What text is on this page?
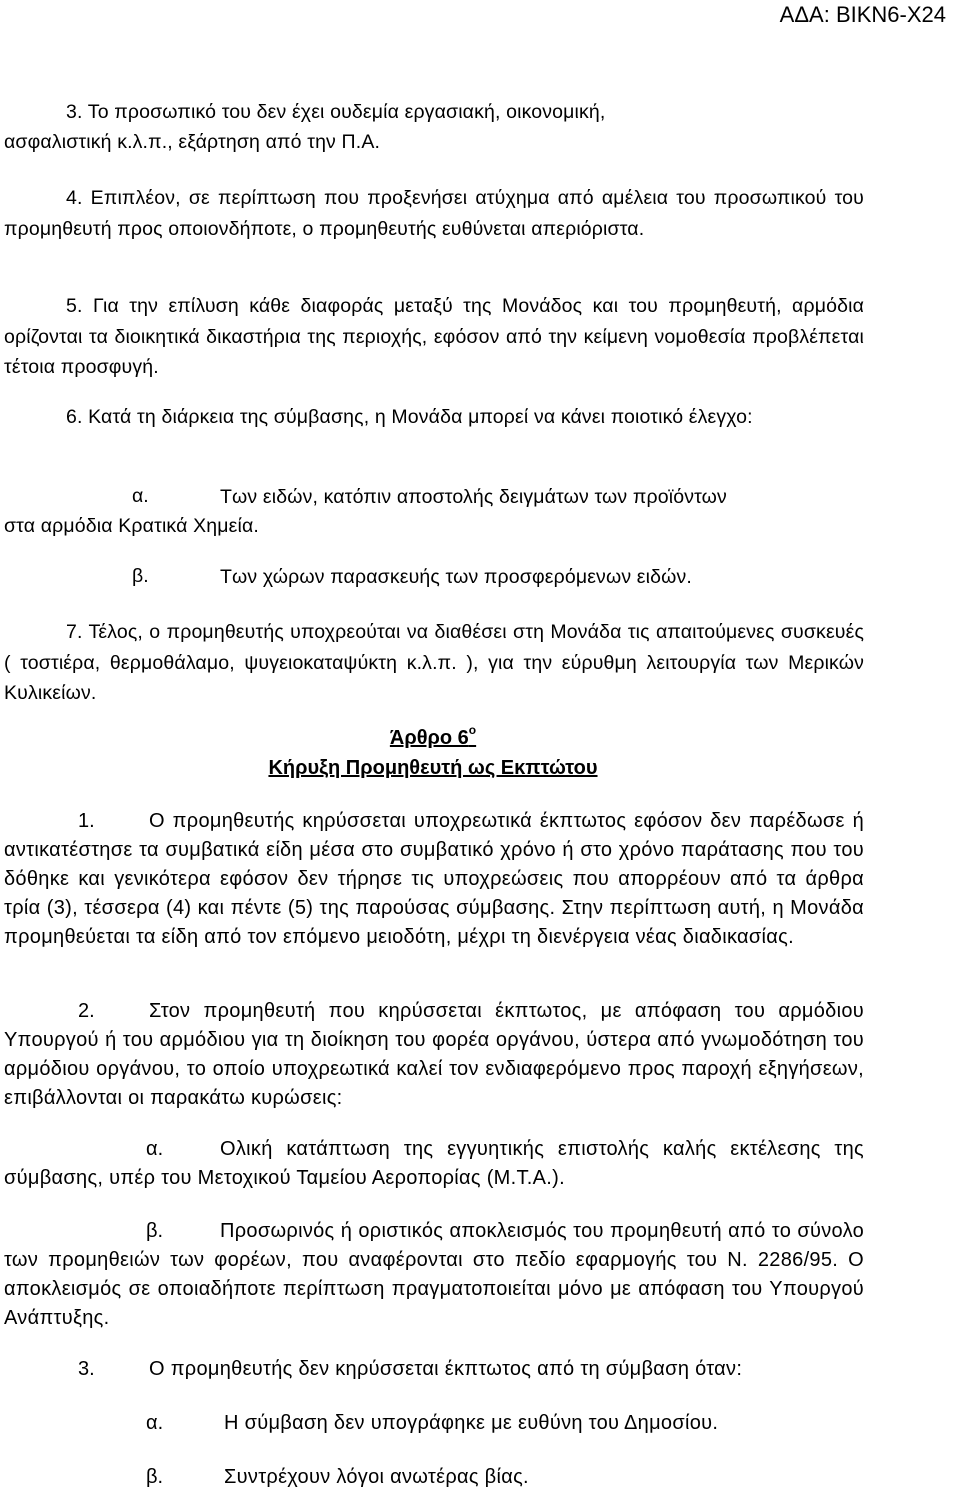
ΑΔΑ: ΒΙΚΝ6-Χ24
3. Το προσωπικό του δεν έχει ουδεμία εργασιακή, οικονομική,
ασφαλιστική κ.λ.π., εξάρτηση από την Π.Α.

4. Επιπλέον, σε περίπτωση που προξενήσει ατύχημα από αμέλεια του προσωπικού του προμηθευτή προς οποιονδήποτε, ο προμηθευτής ευθύνεται απεριόριστα.

5. Για την επίλυση κάθε διαφοράς μεταξύ της Μονάδος και του προμηθευτή, αρμόδια ορίζονται τα διοικητικά δικαστήρια της περιοχής, εφόσον από την κείμενη νομοθεσία προβλέπεται τέτοια προσφυγή.

6. Κατά τη διάρκεια της σύμβασης, η Μονάδα μπορεί να κάνει ποιοτικό έλεγχο:

α.	Των ειδών, κατόπιν αποστολής δειγμάτων των προϊόντων
στα αρμόδια Κρατικά Χημεία.
β.	Των χώρων παρασκευής των προσφερόμενων ειδών.

7. Τέλος, ο προμηθευτής υποχρεούται να διαθέσει στη Μονάδα τις απαιτούμενες συσκευές ( τοστιέρα, θερμοθάλαμο, ψυγειοκαταψύκτη κ.λ.π. ), για την εύρυθμη λειτουργία των Μερικών Κυλικείων.

Άρθρο $6^o$
Κήρυξη Προμηθευτή ως Εκπτώτου
1.	Ο προμηθευτής κηρύσσεται υποχρεωτικά έκπτωτος εφόσον δεν παρέδωσε ή αντικατέστησε τα συμβατικά είδη μέσα στο συμβατικό χρόνο ή στο χρόνο παράτασης που του δόθηκε και γενικότερα εφόσον δεν τήρησε τις υποχρεώσεις που απορρέουν από τα άρθρα τρία (3), τέσσερα (4) και πέντε (5) της παρούσας σύμβασης. Στην περίπτωση αυτή, η Μονάδα προμηθεύεται τα είδη από τον επόμενο μειοδότη, μέχρι τη διενέργεια νέας διαδικασίας.

2.	Στον προμηθευτή που κηρύσσεται έκπτωτος, με απόφαση του αρμόδιου Υπουργού ή του αρμόδιου για τη διοίκηση του φορέα οργάνου, ύστερα από γνωμοδότηση του αρμόδιου οργάνου, το οποίο υποχρεωτικά καλεί τον ενδιαφερόμενο προς παροχή εξηγήσεων, επιβάλλονται οι παρακάτω κυρώσεις:

α.	Ολική κατάπτωση της εγγυητικής επιστολής καλής εκτέλεσης της σύμβασης, υπέρ του Μετοχικού Ταμείου Αεροπορίας (Μ.Τ.Α.).

β.	Προσωρινός ή οριστικός αποκλεισμός του προμηθευτή από το σύνολο των προμηθειών των φορέων, που αναφέρονται στο πεδίο εφαρμογής του Ν. 2286/95. Ο αποκλεισμός σε οποιαδήποτε περίπτωση πραγματοποιείται μόνο με απόφαση του Υπουργού Ανάπτυξης.

3.	Ο προμηθευτής δεν κηρύσσεται έκπτωτος από τη σύμβαση όταν:
α.	Η σύμβαση δεν υπογράφηκε με ευθύνη του Δημοσίου.
β.	Συντρέχουν λόγοι ανωτέρας βίας.
